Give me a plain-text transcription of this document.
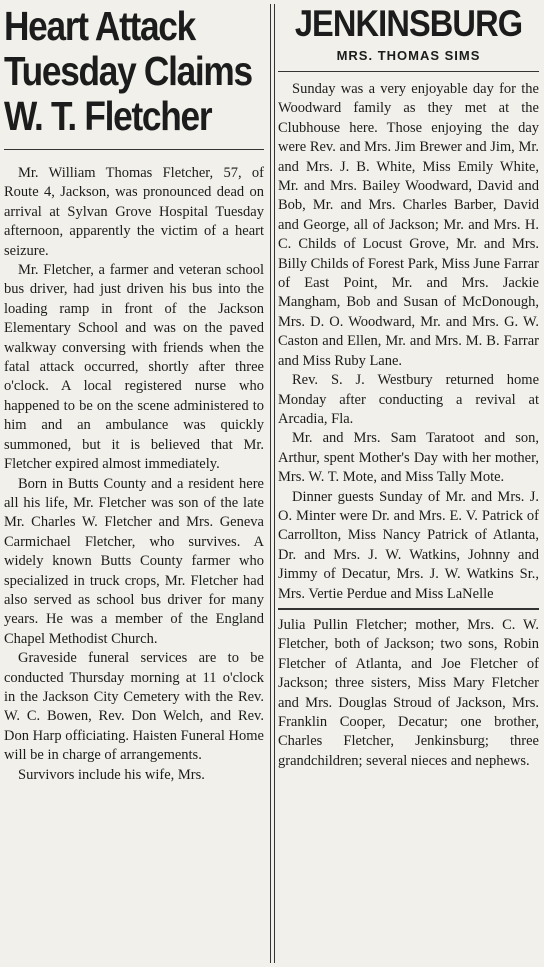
Heart Attack
Tuesday Claims
W. T. Fletcher

Mr. William Thomas Fletcher, 57, of Route 4, Jackson, was pronounced dead on arrival at Sylvan Grove Hospital Tuesday afternoon, apparently the victim of a heart seizure.

Mr. Fletcher, a farmer and veteran school bus driver, had just driven his bus into the loading ramp in front of the Jackson Elementary School and was on the paved walkway conversing with friends when the fatal attack occurred, shortly after three o'clock. A local registered nurse who happened to be on the scene administered to him and an ambulance was quickly summoned, but it is believed that Mr. Fletcher expired almost immediately.

Born in Butts County and a resident here all his life, Mr. Fletcher was son of the late Mr. Charles W. Fletcher and Mrs. Geneva Carmichael Fletcher, who survives. A widely known Butts County farmer who specialized in truck crops, Mr. Fletcher had also served as school bus driver for many years. He was a member of the England Chapel Methodist Church.

Graveside funeral services are to be conducted Thursday morning at 11 o'clock in the Jackson City Cemetery with the Rev. W. C. Bowen, Rev. Don Welch, and Rev. Don Harp officiating. Haisten Funeral Home will be in charge of arrangements.

Survivors include his wife, Mrs.

JENKINSBURG
MRS. THOMAS SIMS

Sunday was a very enjoyable day for the Woodward family as they met at the Clubhouse here. Those enjoying the day were Rev. and Mrs. Jim Brewer and Jim, Mr. and Mrs. J. B. White, Miss Emily White, Mr. and Mrs. Bailey Woodward, David and Bob, Mr. and Mrs. Charles Barber, David and George, all of Jackson; Mr. and Mrs. H. C. Childs of Locust Grove, Mr. and Mrs. Billy Childs of Forest Park, Miss June Farrar of East Point, Mr. and Mrs. Jackie Mangham, Bob and Susan of McDonough, Mrs. D. O. Woodward, Mr. and Mrs. G. W. Caston and Ellen, Mr. and Mrs. M. B. Farrar and Miss Ruby Lane.

Rev. S. J. Westbury returned home Monday after conducting a revival at Arcadia, Fla.

Mr. and Mrs. Sam Taratoot and son, Arthur, spent Mother's Day with her mother, Mrs. W. T. Mote, and Miss Tally Mote.

Dinner guests Sunday of Mr. and Mrs. J. O. Minter were Dr. and Mrs. E. V. Patrick of Carrollton, Miss Nancy Patrick of Atlanta, Dr. and Mrs. J. W. Watkins, Johnny and Jimmy of Decatur, Mrs. J. W. Watkins Sr., Mrs. Vertie Perdue and Miss LaNelle

Julia Pullin Fletcher; mother, Mrs. C. W. Fletcher, both of Jackson; two sons, Robin Fletcher of Atlanta, and Joe Fletcher of Jackson; three sisters, Miss Mary Fletcher and Mrs. Douglas Stroud of Jackson, Mrs. Franklin Cooper, Decatur; one brother, Charles Fletcher, Jenkinsburg; three grandchildren; several nieces and nephews.
